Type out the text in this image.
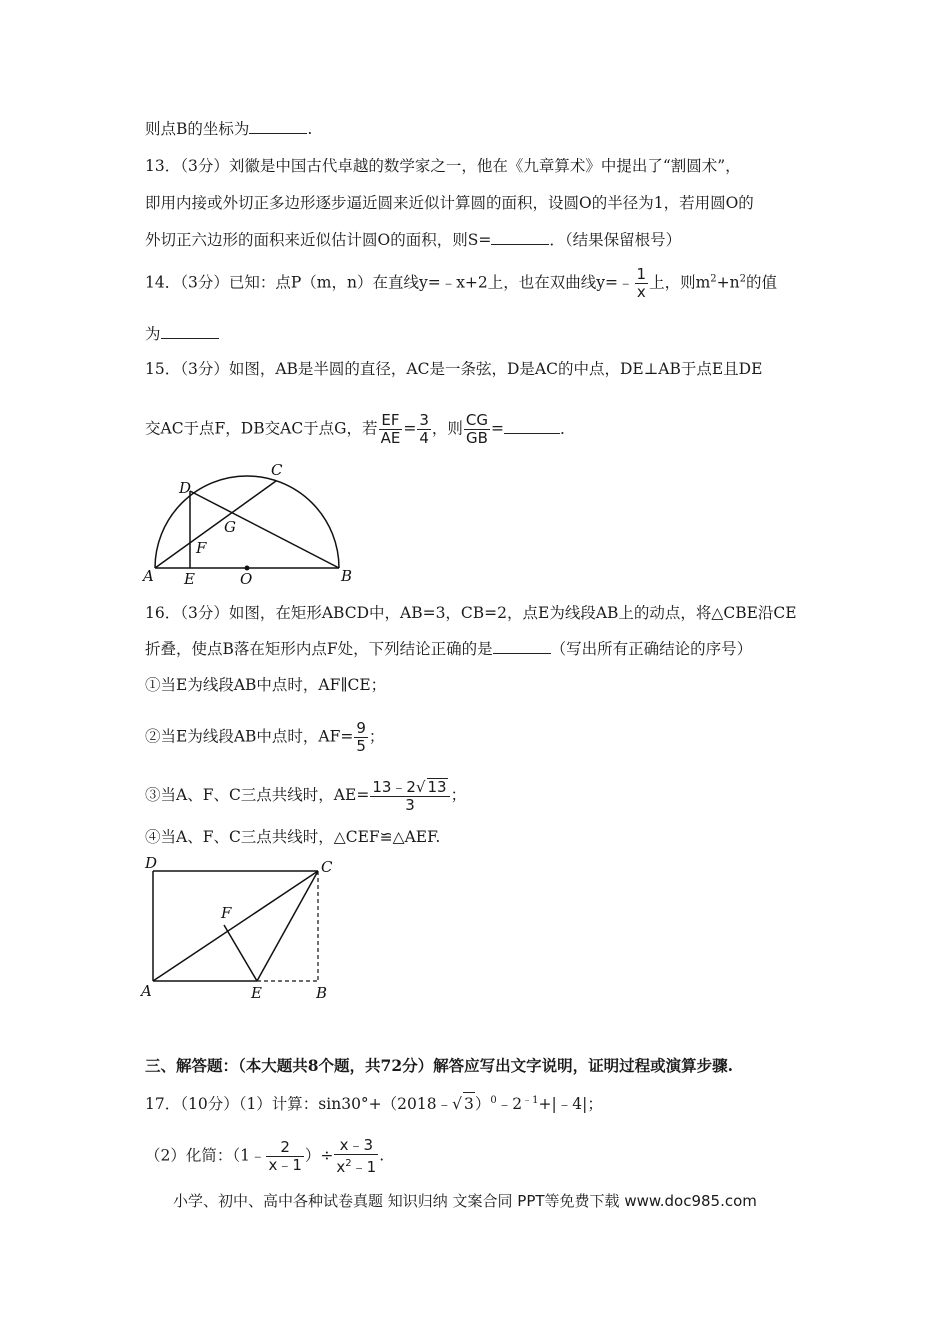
则点B的坐标为	.
13．（3分）刘徽是中国古代卓越的数学家之一，他在《九章算术》中提出了“割圆术”，
即用内接或外切正多边形逐步逼近圆来近似计算圆的面积，设圆O的半径为1，若用圆O的
外切正六边形的面积来近似估计圆O的面积，则S=	．（结果保留根号）
14．（3分）已知：点P（m，n）在直线y=﹣x+2上，也在双曲线y=﹣ $\frac{1}{x}$ 上，则$m^2+n^2$的值
为
15．（3分）如图，AB是半圆的直径，AC是一条弦，D是AC的中点，DE⊥AB于点E且DE
交AC于点F，DB交AC于点G，若 $\frac{EF}{AE} = \frac{3}{4}$ ，则 $\frac{CG}{GB}$ =	．
A	B
C
D
E
F
G
O
16．（3分）如图，在矩形ABCD中，AB=3，CB=2，点E为线段AB上的动点，将△CBE沿CE
折叠，使点B落在矩形内点F处，下列结论正确的是	（写出所有正确结论的序号）
①当E为线段AB中点时，AF∥CE；
②当E为线段AB中点时，$AF= \frac{9}{5}$ ；
③当A、F、C三点共线时，$AE= \frac{13﹣2√ 13}{3}$ ；
④当A、F、C三点共线时，△CEF≌△AEF.
D	C
A	E	B
F
三、解答题：（本大题共8个题，共72分）解答应写出文字说明，证明过程或演算步骤.
17．（10分）（1）计算：sin30°+（2018﹣√ $3)^0﹣2^{﹣1}+|﹣4|$；
（2）化简：（1﹣ $\frac{2}{x﹣1}$ ）÷ $\frac{x﹣3}{x^2﹣1}$ .
小学、初中、高中各种试卷真题 知识归纳 文案合同 PPT等免费下载 www.doc985.com
